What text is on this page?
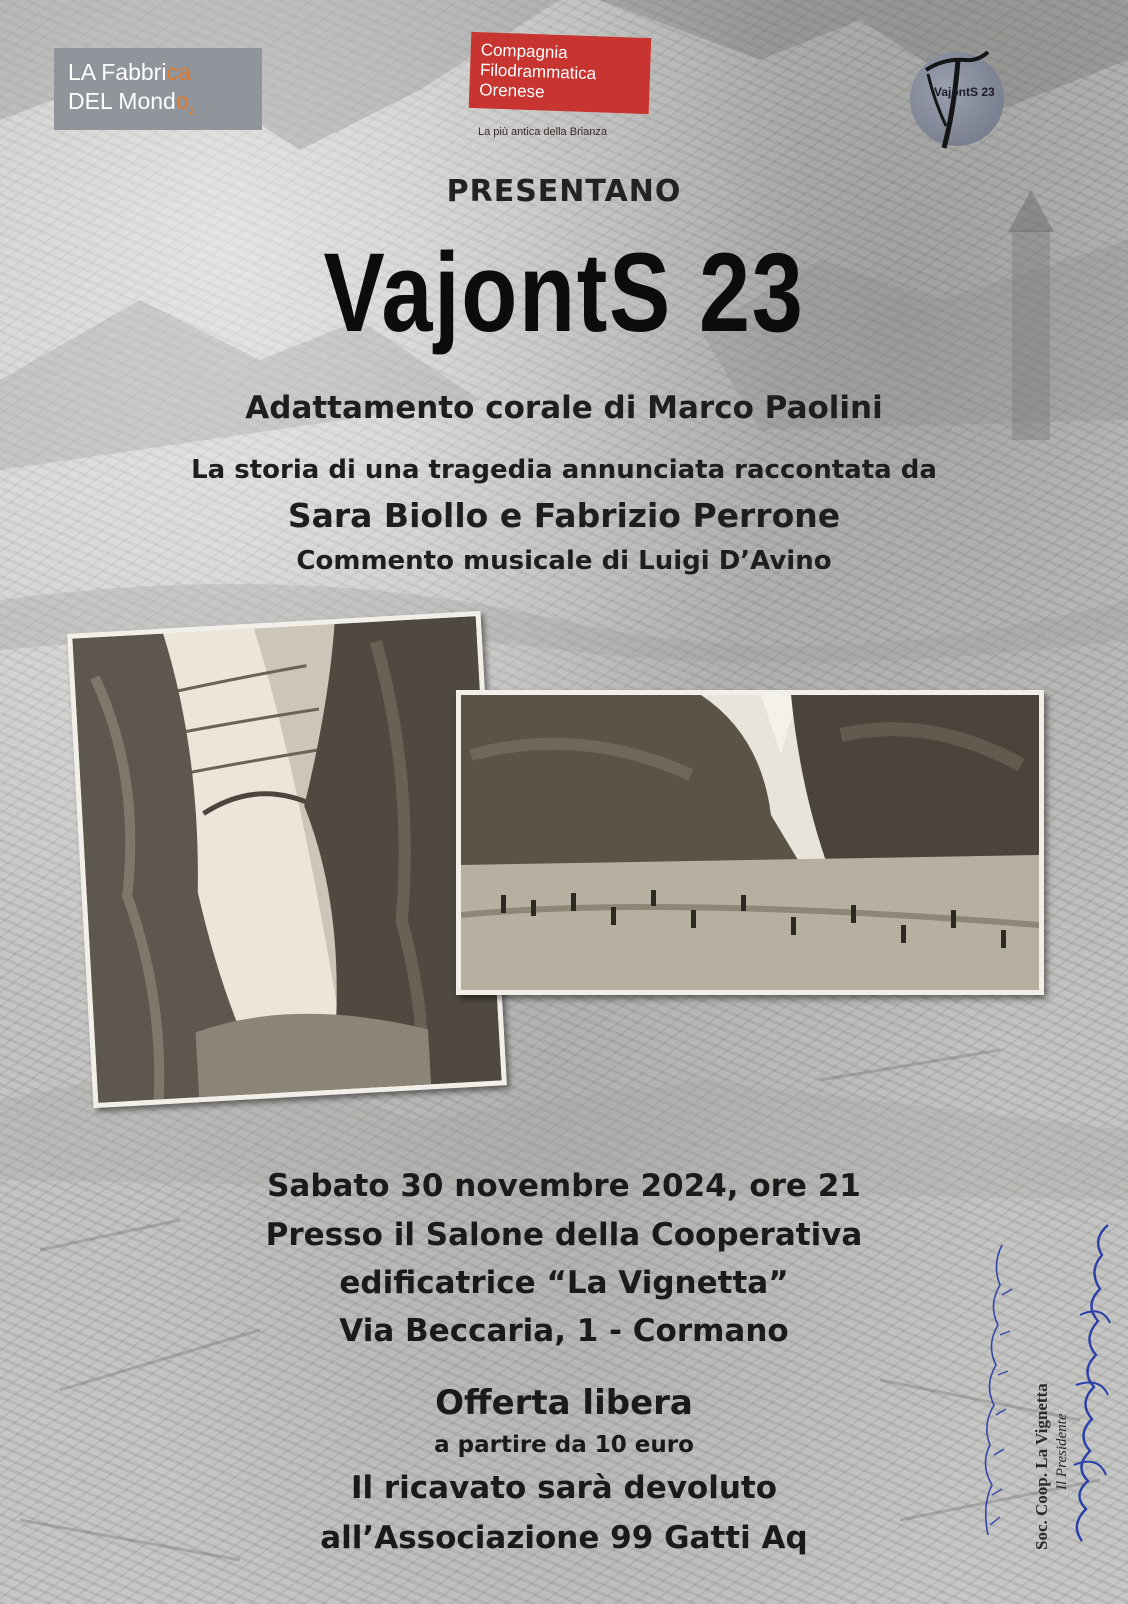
LA Fabbrica
DEL Mondo$_2$
Compagnia
Filodrammatica
Orenese
La più antica della Brianza
VajontS 23
PRESENTANO
VajontS 23
Adattamento corale di Marco Paolini
La storia di una tragedia annunciata raccontata da
Sara Biollo e Fabrizio Perrone
Commento musicale di Luigi D’Avino
Sabato 30 novembre 2024, ore 21
Presso il Salone della Cooperativa
edificatrice “La Vignetta”
Via Beccaria, 1 - Cormano
Offerta libera
a partire da 10 euro
Il ricavato sarà devoluto
all’Associazione 99 Gatti Aq	Soc. Coop. La Vignetta Il Presidente
